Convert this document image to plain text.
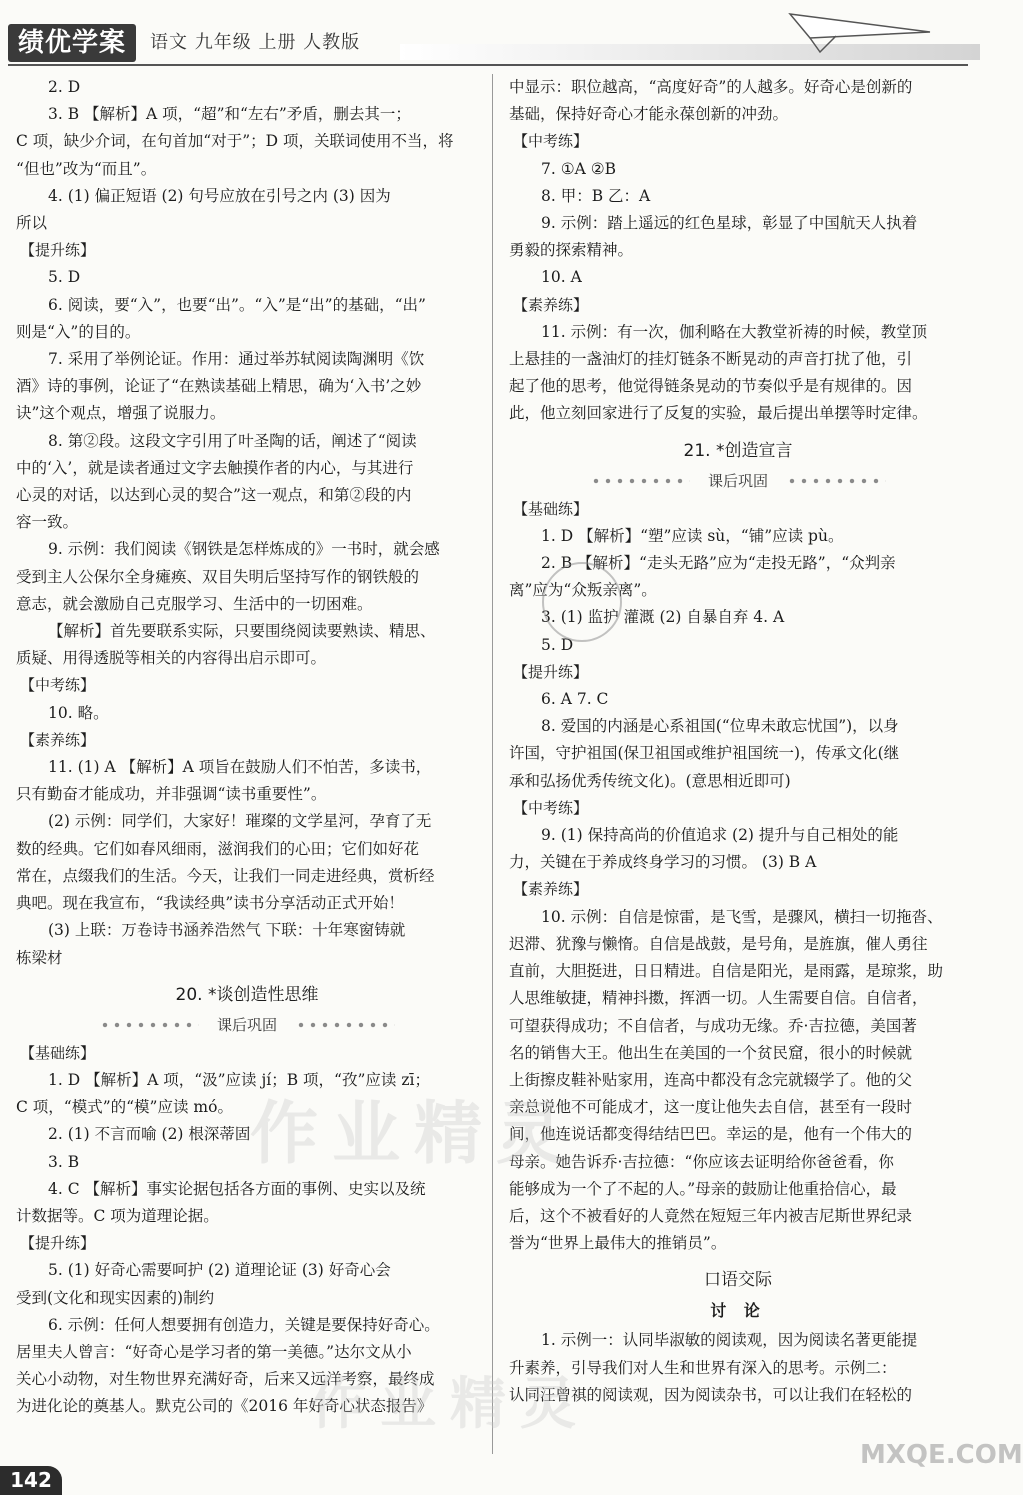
绩优学案	语文 九年级 上册 人教版
2. D
3. B 【解析】A 项，“超”和“左右”矛盾，删去其一；
C 项，缺少介词，在句首加“对于”；D 项，关联词使用不当，将
“但也”改为“而且”。
4. (1) 偏正短语 (2) 句号应放在引号之内 (3) 因为
所以
【提升练】
5. D
6. 阅读，要“入”，也要“出”。“入”是“出”的基础，“出”
则是“入”的目的。
7. 采用了举例论证。作用：通过举苏轼阅读陶渊明《饮
酒》诗的事例，论证了“在熟读基础上精思，确为‘入书’之妙
诀”这个观点，增强了说服力。
8. 第②段。这段文字引用了叶圣陶的话，阐述了“阅读
中的‘入’，就是读者通过文字去触摸作者的内心，与其进行
心灵的对话，以达到心灵的契合”这一观点，和第②段的内
容一致。
9. 示例：我们阅读《钢铁是怎样炼成的》一书时，就会感
受到主人公保尔全身瘫痪、双目失明后坚持写作的钢铁般的
意志，就会激励自己克服学习、生活中的一切困难。
【解析】首先要联系实际，只要围绕阅读要熟读、精思、
质疑、用得透脱等相关的内容得出启示即可。
【中考练】
10. 略。
【素养练】
11. (1) A 【解析】A 项旨在鼓励人们不怕苦，多读书，
只有勤奋才能成功，并非强调“读书重要性”。
(2) 示例：同学们，大家好！璀璨的文学星河，孕育了无
数的经典。它们如春风细雨，滋润我们的心田；它们如好花
常在，点缀我们的生活。今天，让我们一同走进经典，赏析经
典吧。现在我宣布，“我读经典”读书分享活动正式开始！
(3) 上联：万卷诗书涵养浩然气 下联：十年寒窗铸就
栋梁材
20. *谈创造性思维
课后巩固
【基础练】
1. D 【解析】A 项，“汲”应读 jí；B 项，“孜”应读 zī；
C 项，“模式”的“模”应读 mó。
2. (1) 不言而喻 (2) 根深蒂固
3. B
4. C 【解析】事实论据包括各方面的事例、史实以及统
计数据等。C 项为道理论据。
【提升练】
5. (1) 好奇心需要呵护 (2) 道理论证 (3) 好奇心会
受到(文化和现实因素的)制约
6. 示例：任何人想要拥有创造力，关键是要保持好奇心。
居里夫人曾言：“好奇心是学习者的第一美德。”达尔文从小
关心小动物，对生物世界充满好奇，后来又远洋考察，最终成
为进化论的奠基人。默克公司的《2016 年好奇心状态报告》
中显示：职位越高，“高度好奇”的人越多。好奇心是创新的
基础，保持好奇心才能永葆创新的冲劲。
【中考练】
7. ①A ②B
8. 甲：B 乙：A
9. 示例：踏上遥远的红色星球，彰显了中国航天人执着
勇毅的探索精神。
10. A
【素养练】
11. 示例：有一次，伽利略在大教堂祈祷的时候，教堂顶
上悬挂的一盏油灯的挂灯链条不断晃动的声音打扰了他，引
起了他的思考，他觉得链条晃动的节奏似乎是有规律的。因
此，他立刻回家进行了反复的实验，最后提出单摆等时定律。
21. *创造宣言
课后巩固
【基础练】
1. D 【解析】“塑”应读 sù，“铺”应读 pù。
2. B 【解析】“走头无路”应为“走投无路”，“众判亲
离”应为“众叛亲离”。
3. (1) 监护 灌溉 (2) 自暴自弃 4. A
5. D
【提升练】
6. A 7. C
8. 爱国的内涵是心系祖国(“位卑未敢忘忧国”)，以身
许国，守护祖国(保卫祖国或维护祖国统一)，传承文化(继
承和弘扬优秀传统文化)。(意思相近即可)
【中考练】
9. (1) 保持高尚的价值追求 (2) 提升与自己相处的能
力，关键在于养成终身学习的习惯。 (3) B A
【素养练】
10. 示例：自信是惊雷，是飞雪，是骤风，横扫一切拖沓、
迟滞、犹豫与懒惰。自信是战鼓，是号角，是旌旗，催人勇往
直前，大胆挺进，日日精进。自信是阳光，是雨露，是琼浆，助
人思维敏捷，精神抖擞，挥洒一切。人生需要自信。自信者，
可望获得成功；不自信者，与成功无缘。乔·吉拉德，美国著
名的销售大王。他出生在美国的一个贫民窟，很小的时候就
上街擦皮鞋补贴家用，连高中都没有念完就辍学了。他的父
亲总说他不可能成才，这一度让他失去自信，甚至有一段时
间，他连说话都变得结结巴巴。幸运的是，他有一个伟大的
母亲。她告诉乔·吉拉德：“你应该去证明给你爸爸看，你
能够成为一个了不起的人。”母亲的鼓励让他重拾信心，最
后，这个不被看好的人竟然在短短三年内被吉尼斯世界纪录
誉为“世界上最伟大的推销员”。
口语交际
讨 论
1. 示例一：认同毕淑敏的阅读观，因为阅读名著更能提
升素养，引导我们对人生和世界有深入的思考。示例二：
认同汪曾祺的阅读观，因为阅读杂书，可以让我们在轻松的
作业精灵
作业精灵
MXQE.COM
142
